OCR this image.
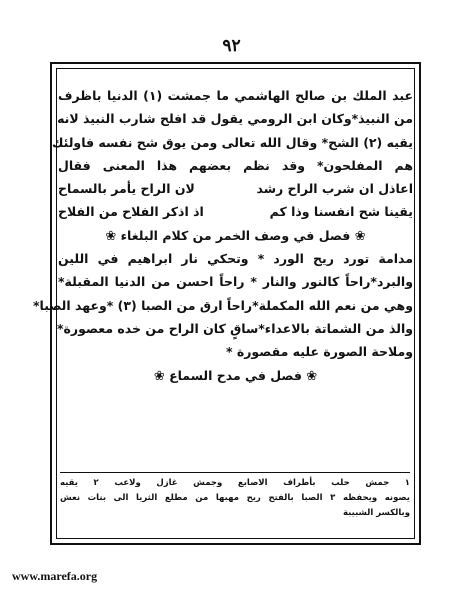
٩٢
عبد الملك بن صالح الهاشمي ما جمشت (١) الدنيا باظرف
من النبيذ*وكان ابن الرومي يقول قد افلح شارب النبيذ لانه
يقيه (٢) الشح* وقال الله تعالى ومن يوق شح نفسه فاولئك
هم المفلحون* وقد نظم بعضهم هذا المعنى فقال
اعاذل ان شرب الراح رشد
لان الراح يأمر بالسماح
يقينا شح انفسنا وذا كم
اذ اذكر الفلاح من الفلاح
❀ فصل في وصف الخمر من كلام البلغاء ❀
مدامة تورد ريح الورد * وتحكي نار ابراهيم في اللين
والبرد*راحاً كالنور والنار * راحاً احسن من الدنيا المقبلة*
وهي من نعم الله المكملة*راحاً ارق من الصبا (٣) *وعهد الصبا*
والذ من الشماتة بالاعداء*ساقٍ كان الراح من خده معصورة*
وملاحة الصورة عليه مقصورة *
❀ فصل في مدح السماع ❀
١ جمش حلب بأطراف الاصابع وجمش غازل ولاعب ٢ يقيه
يصونه ويحفظه ٣ الصبا بالفتح ريح مهبها من مطلع الثريا الى بنات نعش
وبالكسر الشبيبة
www.marefa.org
